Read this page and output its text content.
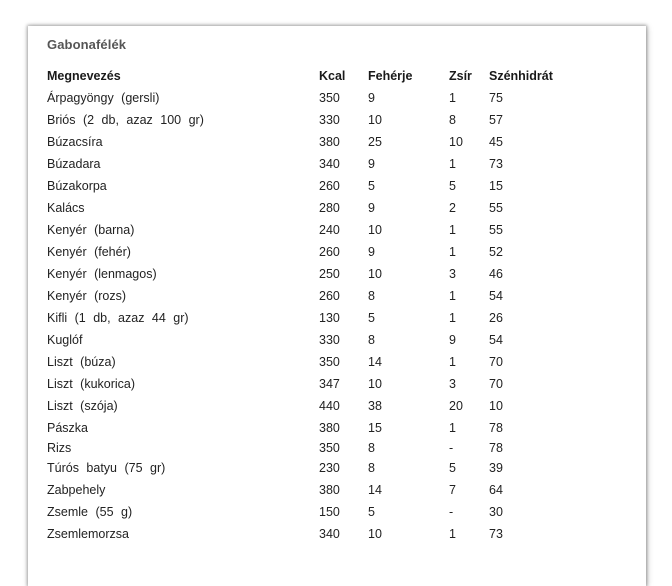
Gabonafélék
Megnevezés	Kcal	Fehérje	Zsír	Szénhidrát
Árpagyöngy (gersli)	350	9	1	75
Briós (2 db, azaz 100 gr)	330	10	8	57
Búzacsíra	380	25	10	45
Búzadara	340	9	1	73
Búzakorpa	260	5	5	15
Kalács	280	9	2	55
Kenyér (barna)	240	10	1	55
Kenyér (fehér)	260	9	1	52
Kenyér (lenmagos)	250	10	3	46
Kenyér (rozs)	260	8	1	54
Kifli (1 db, azaz 44 gr)	130	5	1	26
Kuglóf	330	8	9	54
Liszt (búza)	350	14	1	70
Liszt (kukorica)	347	10	3	70
Liszt (szója)	440	38	20	10
Pászka	380	15	1	78
Rizs	350	8	-	78
Túrós batyu (75 gr)	230	8	5	39
Zabpehely	380	14	7	64
Zsemle (55 g)	150	5	-	30
Zsemlemorzsa	340	10	1	73
